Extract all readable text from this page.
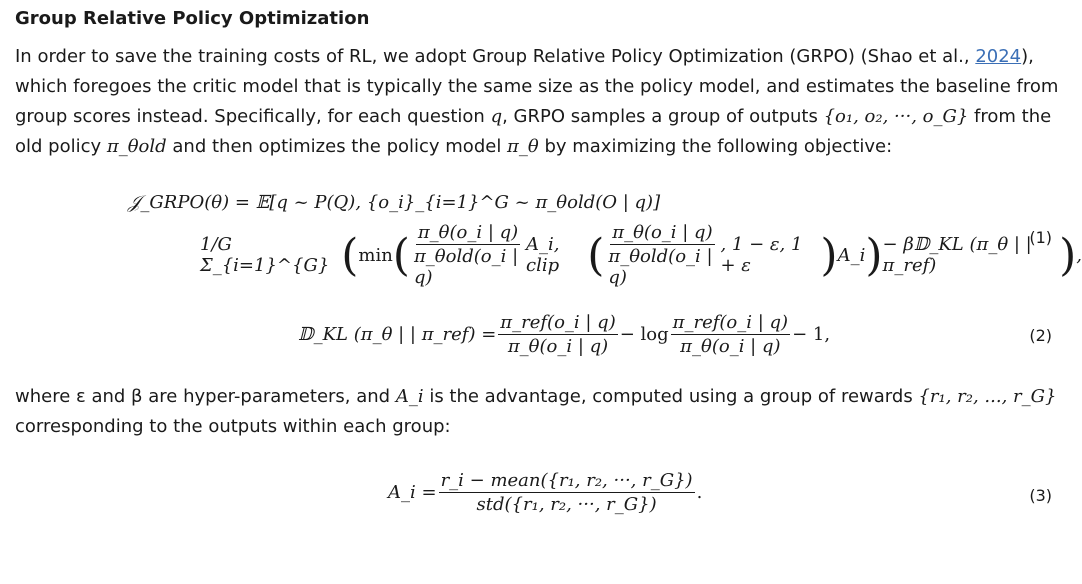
Group Relative Policy Optimization
In order to save the training costs of RL, we adopt Group Relative Policy Optimization (GRPO) (Shao et al., 2024), which foregoes the critic model that is typically the same size as the policy model, and estimates the baseline from group scores instead. Specifically, for each question q, GRPO samples a group of outputs {o₁, o₂, ···, o_G} from the old policy π_θold and then optimizes the policy model π_θ by maximizing the following objective:
𝒥_GRPO(θ) = 𝔼[q ~ P(Q), {o_i}_{i=1}^G ~ π_θold(O | q)]
1/G Σ_{i=1}^{G} ( min ( $\frac{\pi\_\theta(o\_i | q)}{\text{π\_θold(o\_i | q)}}$ A_i, clip ( $\frac{\pi\_\theta(o\_i | q)}{\text{π\_θold(o\_i | q)}}$ , 1 − ε, 1 + ε	) A_i ) − β𝔻_KL (π_θ | | π_ref)	) ,
(1)
𝔻_KL (π_θ | | π_ref) = $\frac{\text{π\_ref(o\_i | q)}}{\pi\_\theta(o\_i | q)} - \log \frac{\text{π\_ref(o\_i | q)}}{\pi\_\theta(o\_i | q)} - 1$,	(2)
where ε and β are hyper-parameters, and A_i is the advantage, computed using a group of rewards {r₁, r₂, ..., r_G} corresponding to the outputs within each group:
A_i = $\frac{\text{r\_i − mean(\{r₁, r₂, ···, r\_G\})}}{\text{std(\{r₁, r₂, ···, r\_G\})}}$ .	(3)
